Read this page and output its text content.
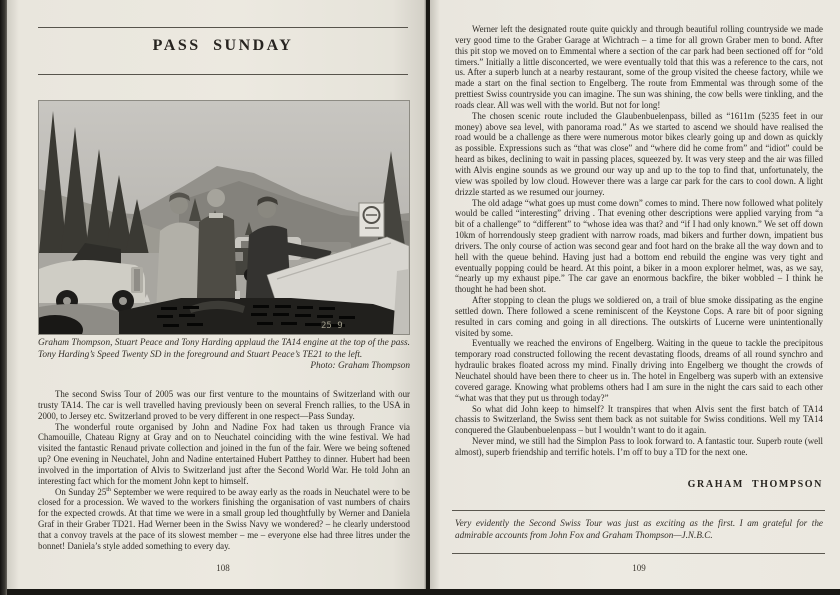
PASS SUNDAY
25 9
Graham Thompson, Stuart Peace and Tony Harding applaud the TA14 engine at the top of the pass. Tony Harding’s Speed Twenty SD in the foreground and Stuart Peace’s TE21 to the left.
Photo: Graham Thompson

The second Swiss Tour of 2005 was our first venture to the mountains of Switzerland with our trusty TA14. The car is well travelled having previously been on several French rallies, to the USA in 2000, to Jersey etc. Switzerland proved to be very different in one respect—Pass Sunday.

The wonderful route organised by John and Nadine Fox had taken us through France via Chamouille, Chateau Rigny at Gray and on to Neuchatel coinciding with the wine festival. We had visited the fantastic Renaud private collection and joined in the fun of the fair. Were we being softened up? One evening in Neuchatel, John and Nadine entertained Hubert Patthey to dinner. Hubert had been involved in the importation of Alvis to Switzerland just after the Second World War. He told John an interesting fact which for the moment John kept to himself.

On Sunday 25th September we were required to be away early as the roads in Neuchatel were to be closed for a procession. We waved to the workers finishing the organisation of vast numbers of chairs for the expected crowds. At that time we were in a small group led thoughtfully by Werner and Daniela Graf in their Graber TD21. Had Werner been in the Swiss Navy we wondered? – he clearly understood that a convoy travels at the pace of its slowest member – me – everyone else had three litres under the bonnet! Daniela’s style added something to every day.

108

Werner left the designated route quite quickly and through beautiful rolling countryside we made very good time to the Graber Garage at Wichtrach – a time for all grown Graber men to bond. After this pit stop we moved on to Emmental where a section of the car park had been sectioned off for “old timers.” Initially a little disconcerted, we were eventually told that this was a reference to the cars, not us. After a superb lunch at a nearby restaurant, some of the group visited the cheese factory, while we made a start on the final section to Engelberg. The route from Emmental was through some of the prettiest Swiss countryside you can imagine. The sun was shining, the cow bells were tinkling, and the roads clear. All was well with the world. But not for long!

The chosen scenic route included the Glaubenbuelenpass, billed as “1611m (5235 feet in our money) above sea level, with panorama road.” As we started to ascend we should have realised the road would be a challenge as there were numerous motor bikes clearly going up and down as quickly as possible. Expressions such as “that was close” and “where did he come from” and “idiot” could be heard as bikes, declining to wait in passing places, squeezed by. It was very steep and the air was filled with Alvis engine sounds as we ground our way up and up to the top to find that, unfortunately, the view was spoiled by low cloud. However there was a large car park for the cars to cool down. A light drizzle started as we resumed our journey.

The old adage “what goes up must come down” comes to mind. There now followed what politely would be called “interesting” driving . That evening other descriptions were applied varying from “a bit of a challenge” to “different” to “whose idea was that? and “if I had only known.” We set off down 10km of horrendously steep gradient with narrow roads, mad bikers and further down, impatient bus drivers. The only course of action was second gear and foot hard on the brake all the way down and to hell with the queue behind. Having just had a bottom end rebuild the engine was very tight and eventually popping could be heard. At this point, a biker in a moon explorer helmet, was, as we say, “nearly up my exhaust pipe.” The car gave an enormous backfire, the biker wobbled – I think he thought he had been shot.

After stopping to clean the plugs we soldiered on, a trail of blue smoke dissipating as the engine settled down. There followed a scene reminiscent of the Keystone Cops. A rare bit of poor signing resulted in cars coming and going in all directions. The outskirts of Lucerne were unintentionally visited by some.

Eventually we reached the environs of Engelberg. Waiting in the queue to tackle the precipitous temporary road constructed following the recent devastating floods, dreams of all round synchro and hydraulic brakes floated across my mind. Finally driving into Engelberg we thought the crowds of Neuchatel should have been there to cheer us in. The hotel in Engelberg was superb with an extensive covered garage. Knowing what problems others had I am sure in the night the cars said to each other “what was that they put us through today?”

So what did John keep to himself? It transpires that when Alvis sent the first batch of TA14 chassis to Switzerland, the Swiss sent them back as not suitable for Swiss conditions. Well my TA14 conquered the Glaubenbuelenpass – but I wouldn’t want to do it again.

Never mind, we still had the Simplon Pass to look forward to. A fantastic tour. Superb route (well almost), superb friendship and terrific hotels. I’m off to buy a TD for the next one.

GRAHAM THOMPSON
Very evidently the Second Swiss Tour was just as exciting as the first. I am grateful for the admirable accounts from John Fox and Graham Thompson—J.N.B.C.
109
